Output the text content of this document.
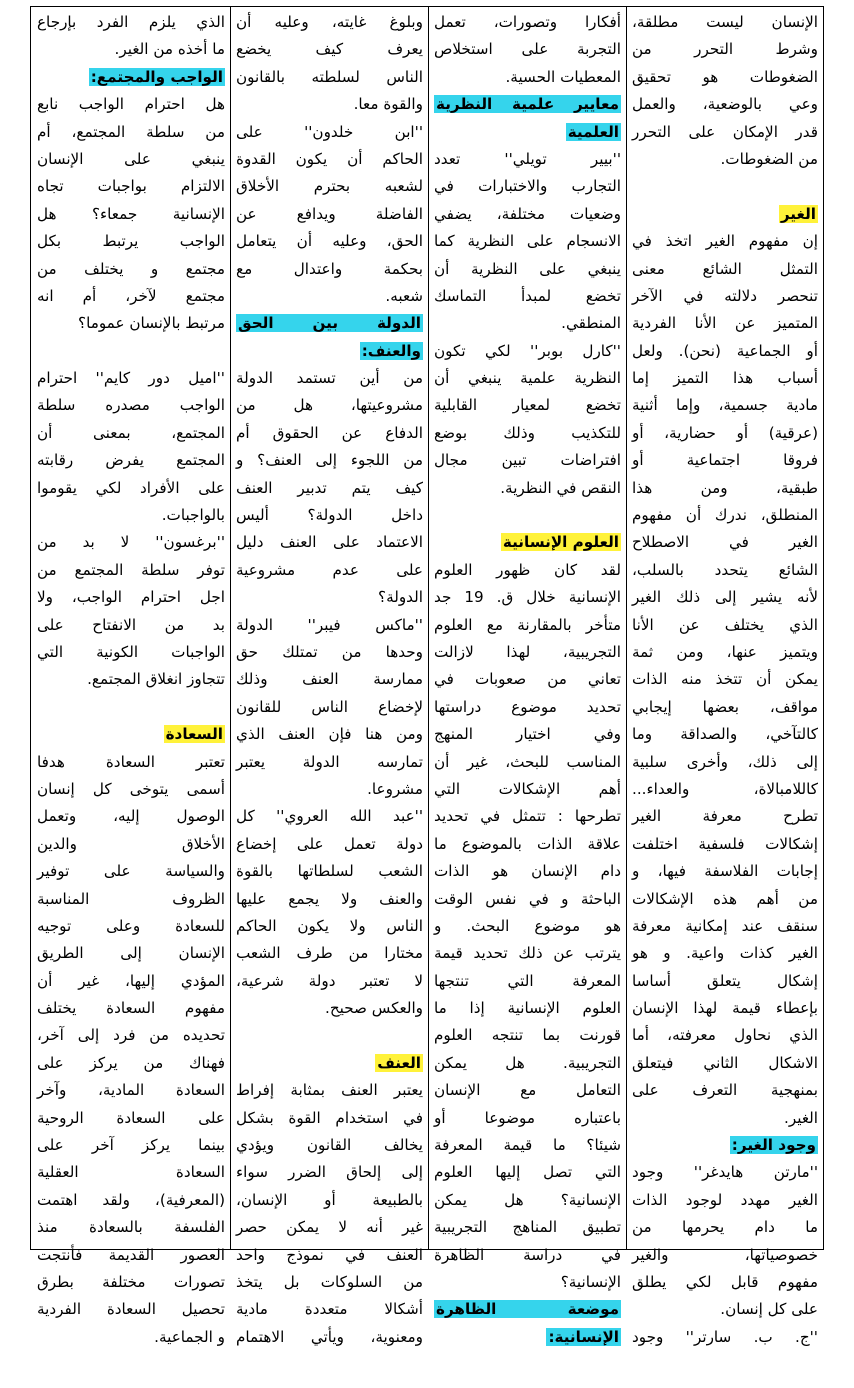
الإنسان ليست مطلقة،
وشرط التحرر من
الضغوطات هو تحقيق
وعي بالوضعية، والعمل
قدر الإمكان على التحرر
من الضغوطات.
الغير
إن مفهوم الغير اتخذ في
التمثل الشائع معنى
تنحصر دلالته في الآخر
المتميز عن الأنا الفردية
أو الجماعية (نحن). ولعل
أسباب هذا التميز إما
مادية جسمية، وإما أثنية
(عرقية) أو حضارية، أو
فروقا اجتماعية أو
طبقية، ومن هذا
المنطلق، ندرك أن مفهوم
الغير في الاصطلاح
الشائع يتحدد بالسلب،
لأنه يشير إلى ذلك الغير
الذي يختلف عن الأنا
ويتميز عنها، ومن ثمة
يمكن أن تتخذ منه الذات
مواقف، بعضها إيجابي
كالتآخي، والصداقة وما
إلى ذلك، وأخرى سلبية
كاللامبالاة، والعداء...
تطرح معرفة الغير
إشكالات فلسفية اختلفت
إجابات الفلاسفة فيها، و
من أهم هذه الإشكالات
سنقف عند إمكانية معرفة
الغير كذات واعية. و هو
إشكال يتعلق أساسا
بإعطاء قيمة لهذا الإنسان
الذي نحاول معرفته، أما
الاشكال الثاني فيتعلق
بمنهجية التعرف على
الغير.
وجود الغير:
''مارتن هايدغر'' وجود
الغير مهدد لوجود الذات
ما دام يحرمها من
خصوصياتها، والغير
مفهوم قابل لكي يطلق
على كل إنسان.
''ج. ب. سارتر'' وجود
أفكارا وتصورات، تعمل
التجربة على استخلاص
المعطيات الحسية.
معايير علمية النظرية
العلمية
''بيير تويلي'' تعدد
التجارب والاختبارات في
وضعيات مختلفة، يضفي
الانسجام على النظرية كما
ينبغي على النظرية أن
تخضع لمبدأ التماسك
المنطقي.
''كارل بوبر'' لكي تكون
النظرية علمية ينبغي أن
تخضع لمعيار القابلية
للتكذيب وذلك بوضع
افتراضات تبين مجال
النقص في النظرية.
العلوم الإنسانية
لقد كان ظهور العلوم
الإنسانية خلال ق. 19 جد
متأخر بالمقارنة مع العلوم
التجريبية، لهذا لازالت
تعاني من صعوبات في
تحديد موضوع دراستها
وفي اختيار المنهج
المناسب للبحث، غير أن
أهم الإشكالات التي
تطرحها : تتمثل في تحديد
علاقة الذات بالموضوع ما
دام الإنسان هو الذات
الباحثة و في نفس الوقت
هو موضوع البحث. و
يترتب عن ذلك تحديد قيمة
المعرفة التي تنتجها
العلوم الإنسانية إذا ما
قورنت بما تنتجه العلوم
التجريبية. هل يمكن
التعامل مع الإنسان
باعتباره موضوعا أو
شيئا؟ ما قيمة المعرفة
التي تصل إليها العلوم
الإنسانية؟ هل يمكن
تطبيق المناهج التجريبية
في دراسة الظاهرة
الإنسانية؟
موضعة الظاهرة
الإنسانية:
وبلوغ غايته، وعليه أن
يعرف كيف يخضع
الناس لسلطته بالقانون
والقوة معا.
''ابن خلدون'' على
الحاكم أن يكون القدوة
لشعبه بحترم الأخلاق
الفاضلة ويدافع عن
الحق، وعليه أن يتعامل
بحكمة واعتدال مع
شعبه.
الدولة بين الحق
والعنف:
من أين تستمد الدولة
مشروعيتها، هل من
الدفاع عن الحقوق أم
من اللجوء إلى العنف؟ و
كيف يتم تدبير العنف
داخل الدولة؟ أليس
الاعتماد على العنف دليل
على عدم مشروعية
الدولة؟
''ماكس فيبر'' الدولة
وحدها من تمتلك حق
ممارسة العنف وذلك
لإخضاع الناس للقانون
ومن هنا فإن العنف الذي
تمارسه الدولة يعتبر
مشروعا.
''عبد الله العروي'' كل
دولة تعمل على إخضاع
الشعب لسلطاتها بالقوة
والعنف ولا يجمع عليها
الناس ولا يكون الحاكم
مختارا من طرف الشعب
لا تعتبر دولة شرعية،
والعكس صحيح.
العنف
يعتبر العنف بمثابة إفراط
في استخدام القوة بشكل
يخالف القانون ويؤدي
إلى إلحاق الضرر سواء
بالطبيعة أو الإنسان،
غير أنه لا يمكن حصر
العنف في نموذج واحد
من السلوكات بل يتخذ
أشكالا متعددة مادية
ومعنوية، ويأتي الاهتمام
الذي يلزم الفرد بإرجاع
ما أخذه من الغير.
الواجب والمجتمع:
هل احترام الواجب نابع
من سلطة المجتمع، أم
ينبغي على الإنسان
الالتزام بواجبات تجاه
الإنسانية جمعاء؟ هل
الواجب يرتبط بكل
مجتمع و يختلف من
مجتمع لآخر، أم انه
مرتبط بالإنسان عموما؟
''اميل دور كايم'' احترام
الواجب مصدره سلطة
المجتمع، بمعنى أن
المجتمع يفرض رقابته
على الأفراد لكي يقوموا
بالواجبات.
''برغسون'' لا بد من
توفر سلطة المجتمع من
اجل احترام الواجب، ولا
بد من الانفتاح على
الواجبات الكونية التي
تتجاوز انغلاق المجتمع.
السعادة
تعتبر السعادة هدفا
أسمى يتوخى كل إنسان
الوصول إليه، وتعمل
الأخلاق والدين
والسياسة على توفير
الظروف المناسبة
للسعادة وعلى توجيه
الإنسان إلى الطريق
المؤدي إليها، غير أن
مفهوم السعادة يختلف
تحديده من فرد إلى آخر،
فهناك من يركز على
السعادة المادية، وآخر
على السعادة الروحية
بينما يركز آخر على
السعادة العقلية
(المعرفية)، ولقد اهتمت
الفلسفة بالسعادة منذ
العصور القديمة فأنتجت
تصورات مختلفة بطرق
تحصيل السعادة الفردية
و الجماعية.
